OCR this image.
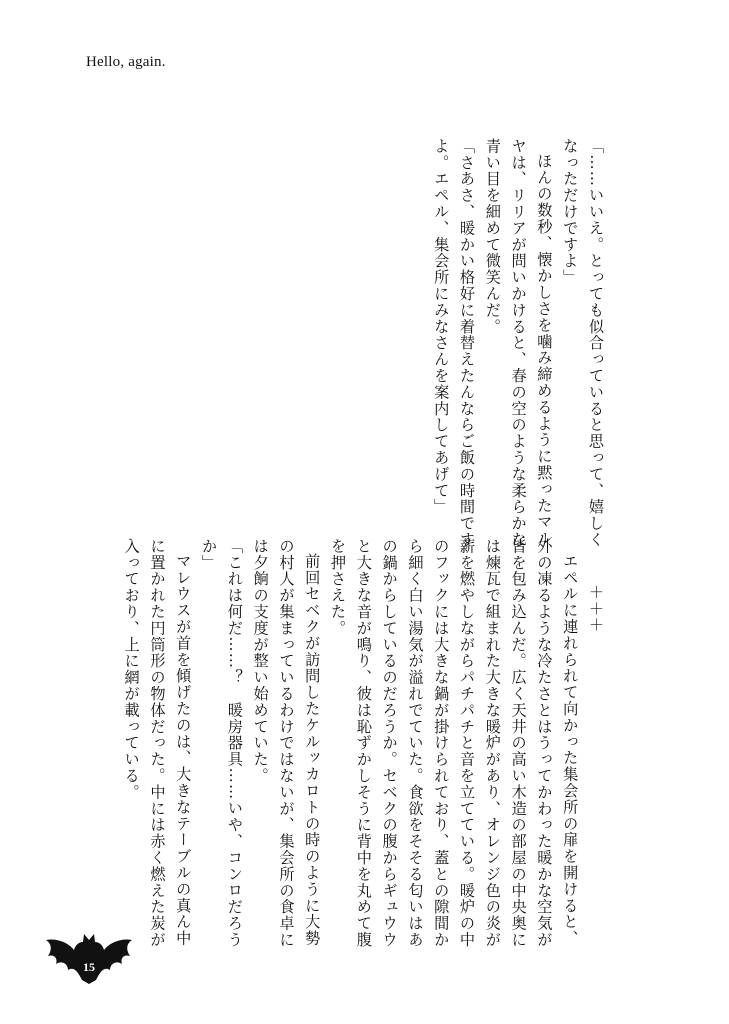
Hello, again.
「……いいえ。とっても似合っていると思って、嬉しく
なっただけですよ」
ほんの数秒、懐かしさを噛み締めるように黙ったマル
ヤは、リリアが問いかけると、春の空のような柔らかな
青い目を細めて微笑んだ。
「さあさ、暖かい格好に着替えたんならご飯の時間です
よ。エペル、集会所にみなさんを案内してあげて」
＋＋＋
エペルに連れられて向かった集会所の扉を開けると、
外の凍るような冷たさとはうってかわった暖かな空気が
皆を包み込んだ。広く天井の高い木造の部屋の中央奥に
は煉瓦で組まれた大きな暖炉があり、オレンジ色の炎が
薪を燃やしながらパチパチと音を立てている。暖炉の中
のフックには大きな鍋が掛けられており、蓋との隙間か
ら細く白い湯気が溢れでていた。食欲をそそる匂いはあ
の鍋からしているのだろうか。セベクの腹からギュウウ
と大きな音が鳴り、彼は恥ずかしそうに背中を丸めて腹
を押さえた。
前回セベクが訪問したケルッカロトの時のように大勢
の村人が集まっているわけではないが、集会所の食卓に
は夕餉の支度が整い始めていた。
「これは何だ……？　暖房器具……いや、コンロだろう
か」
マレウスが首を傾げたのは、大きなテーブルの真ん中
に置かれた円筒形の物体だった。中には赤く燃えた炭が
入っており、上に網が載っている。
15
